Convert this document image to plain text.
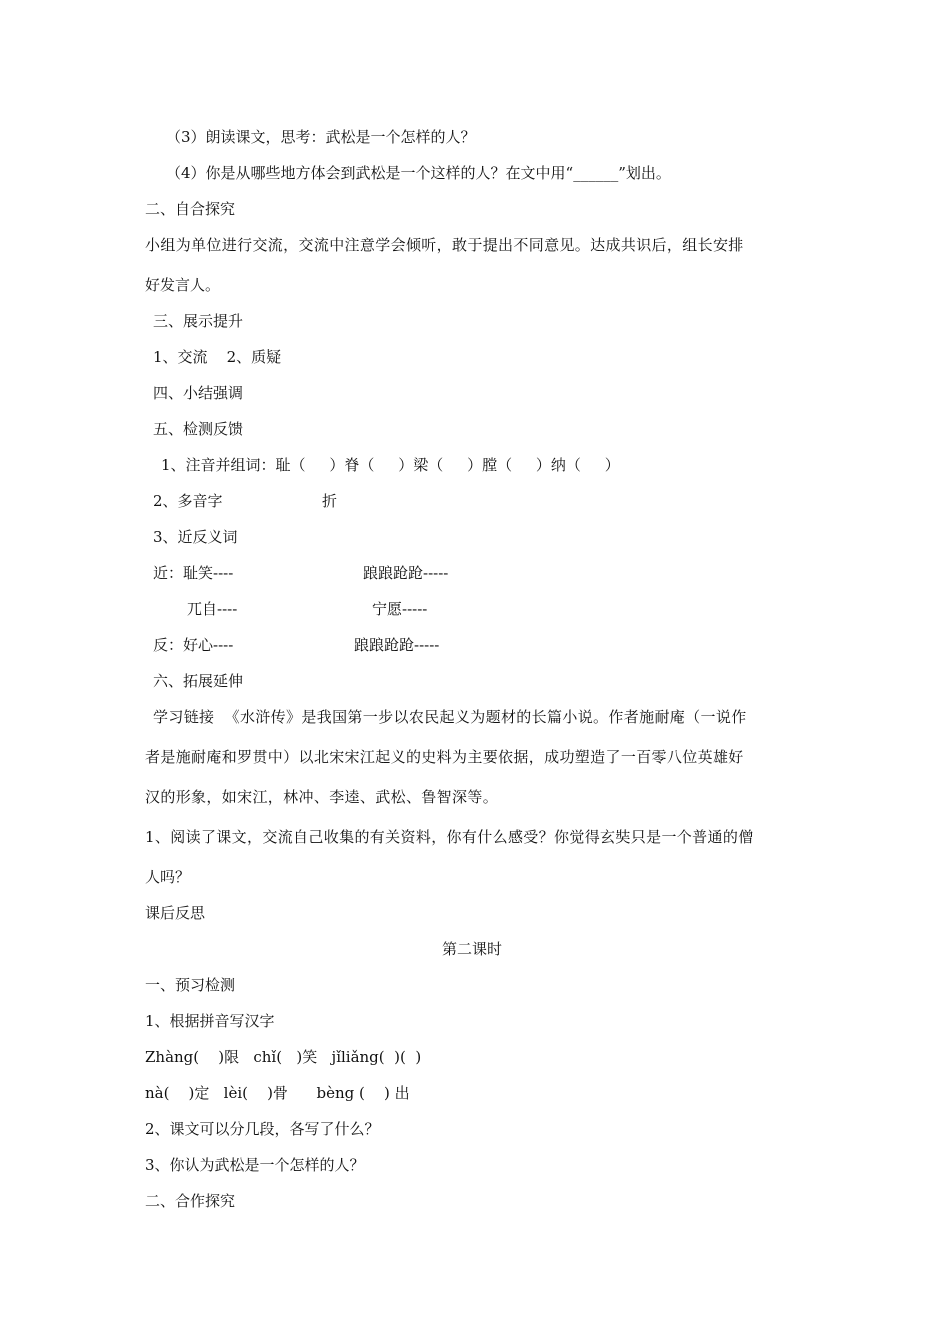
（3）朗读课文，思考：武松是一个怎样的人？
（4）你是从哪些地方体会到武松是一个这样的人？在文中用“______”划出。
二、自合探究
小组为单位进行交流，交流中注意学会倾听，敢于提出不同意见。达成共识后，组长安排
好发言人。
三、展示提升
1、交流    2、质疑
四、小结强调
五、检测反馈
1、注音并组词：耻（     ）脊（     ）梁（     ）膛（     ）纳（     ）
2、多音字	折
3、近反义词
近：耻笑----	踉踉跄跄-----
兀自----	宁愿-----
反：好心----	踉踉跄跄-----
六、拓展延伸
学习链接  《水浒传》是我国第一步以农民起义为题材的长篇小说。作者施耐庵（一说作
者是施耐庵和罗贯中）以北宋宋江起义的史料为主要依据，成功塑造了一百零八位英雄好
汉的形象，如宋江，林冲、李逵、武松、鲁智深等。
1、阅读了课文，交流自己收集的有关资料，你有什么感受？你觉得玄奘只是一个普通的僧
人吗？
课后反思
第二课时
一、预习检测
1、根据拼音写汉字
Zhàng(    )限   chǐ(   )笑   jǐliǎng(  )(  )
nà(    )定   lèi(    )骨      bèng (    ) 出
2、课文可以分几段，各写了什么？
3、你认为武松是一个怎样的人？
二、合作探究
